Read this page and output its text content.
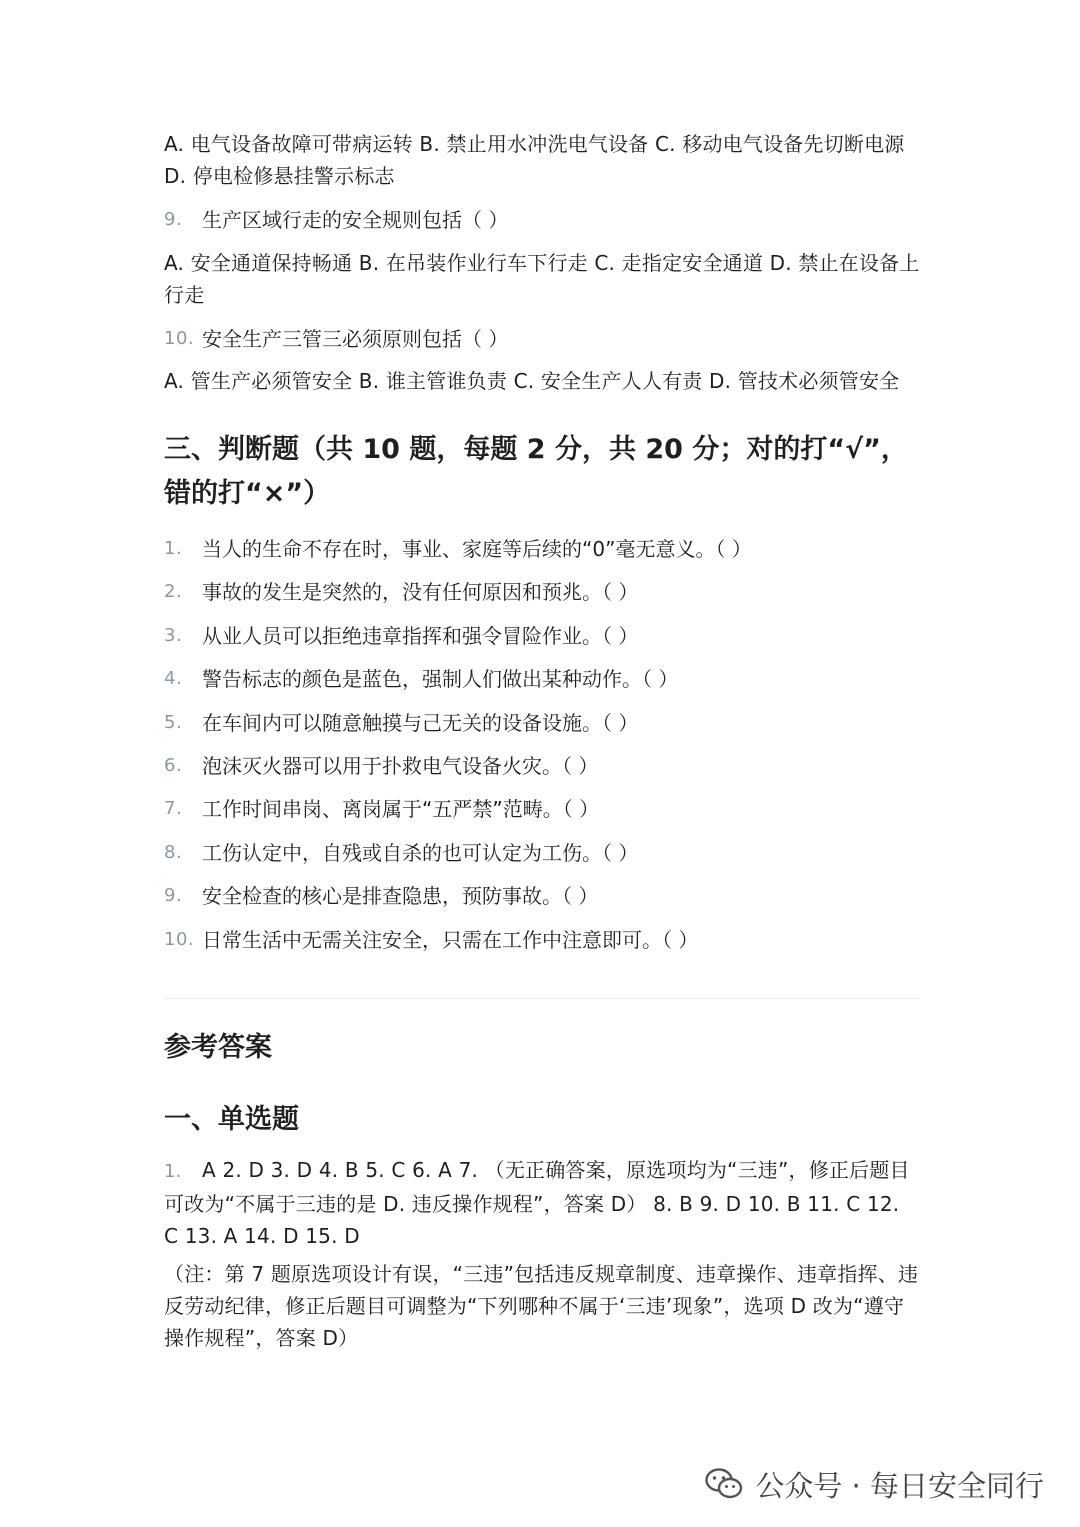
A. 电气设备故障可带病运转 B. 禁止用水冲洗电气设备 C. 移动电气设备先切断电源 D. 停电检修悬挂警示标志
9. 生产区域行走的安全规则包括（ ）
A. 安全通道保持畅通 B. 在吊装作业行车下行走 C. 走指定安全通道 D. 禁止在设备上行走
10. 安全生产三管三必须原则包括（ ）
A. 管生产必须管安全 B. 谁主管谁负责 C. 安全生产人人有责 D. 管技术必须管安全
三、判断题（共 10 题，每题 2 分，共 20 分；对的打“√”，错的打“×”）
1. 当人的生命不存在时，事业、家庭等后续的“0”毫无意义。（ ）
2. 事故的发生是突然的，没有任何原因和预兆。（ ）
3. 从业人员可以拒绝违章指挥和强令冒险作业。（ ）
4. 警告标志的颜色是蓝色，强制人们做出某种动作。（ ）
5. 在车间内可以随意触摸与己无关的设备设施。（ ）
6. 泡沫灭火器可以用于扑救电气设备火灾。（ ）
7. 工作时间串岗、离岗属于“五严禁”范畴。（ ）
8. 工伤认定中，自残或自杀的也可认定为工伤。（ ）
9. 安全检查的核心是排查隐患，预防事故。（ ）
10. 日常生活中无需关注安全，只需在工作中注意即可。（ ）
参考答案
一、单选题
1. A 2. D 3. D 4. B 5. C 6. A 7. （无正确答案，原选项均为“三违”，修正后题目可改为“不属于三违的是 D. 违反操作规程”，答案 D） 8. B 9. D 10. B 11. C 12. C 13. A 14. D 15. D
（注：第 7 题原选项设计有误，“三违”包括违反规章制度、违章操作、违章指挥、违反劳动纪律，修正后题目可调整为“下列哪种不属于‘三违’现象”，选项 D 改为“遵守操作规程”，答案 D）
公众号 · 每日安全同行
